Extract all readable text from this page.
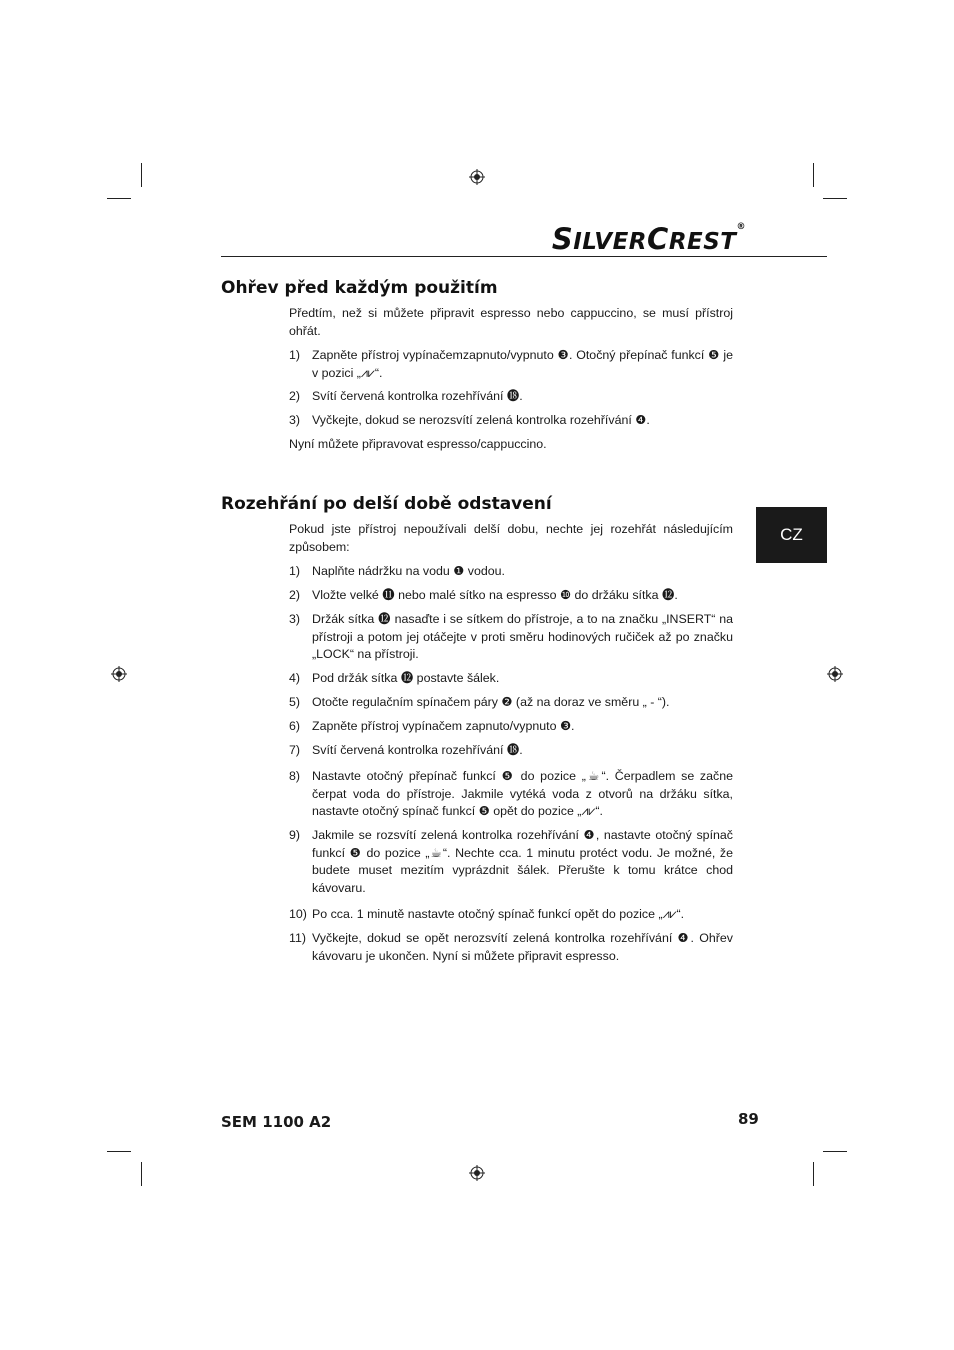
SILVERCREST®
Ohřev před každým použitím

Předtím, než si můžete připravit espresso nebo cappuccino, se musí přístroj ohřát.

1) Zapněte přístroj vypínačemzapnuto/vypnuto ❸. Otočný přepínač funkcí ❺ je v pozici „⩘⩗“.
2) Svítí červená kontrolka rozehřívání ⓲.
3) Vyčkejte, dokud se nerozsvítí zelená kontrolka rozehřívání ❹.

Nyní můžete připravovat espresso/cappuccino.

Rozehřání po delší době odstavení

Pokud jste přístroj nepoužívali delší dobu, nechte jej rozehřát následujícím způsobem:

1) Naplňte nádržku na vodu ❶ vodou.
2) Vložte velké ⓫ nebo malé sítko na espresso ❿ do držáku sítka ⓬.
3) Držák sítka ⓬ nasaďte i se sítkem do přístroje, a to na značku „INSERT“ na přístroji a potom jej otáčejte v proti směru hodinových ručiček až po značku „LOCK“ na přístroji.
4) Pod držák sítka ⓬ postavte šálek.
5) Otočte regulačním spínačem páry ❷ (až na doraz ve směru „ - “).
6) Zapněte přístroj vypínačem zapnuto/vypnuto ❸.
7) Svítí červená kontrolka rozehřívání ⓲.
8) Nastavte otočný přepínač funkcí ❺ do pozice „☕“. Čerpadlem se začne čerpat voda do přístroje. Jakmile vytéká voda z otvorů na držáku sítka, nastavte otočný spínač funkcí ❺ opět do pozice „⩘⩗“.
9) Jakmile se rozsvítí zelená kontrolka rozehřívání ❹, nastavte otočný spínač funkcí ❺ do pozice „☕“. Nechte cca. 1 minutu protéct vodu. Je možné, že budete muset mezitím vyprázdnit šálek. Přerušte k tomu krátce chod kávovaru.
10) Po cca. 1 minutě nastavte otočný spínač funkcí opět do pozice „⩘⩗“.
11) Vyčkejte, dokud se opět nerozsvítí zelená kontrolka rozehřívání ❹. Ohřev kávovaru je ukončen. Nyní si můžete připravit espresso.
CZ
SEM 1100 A2	89
